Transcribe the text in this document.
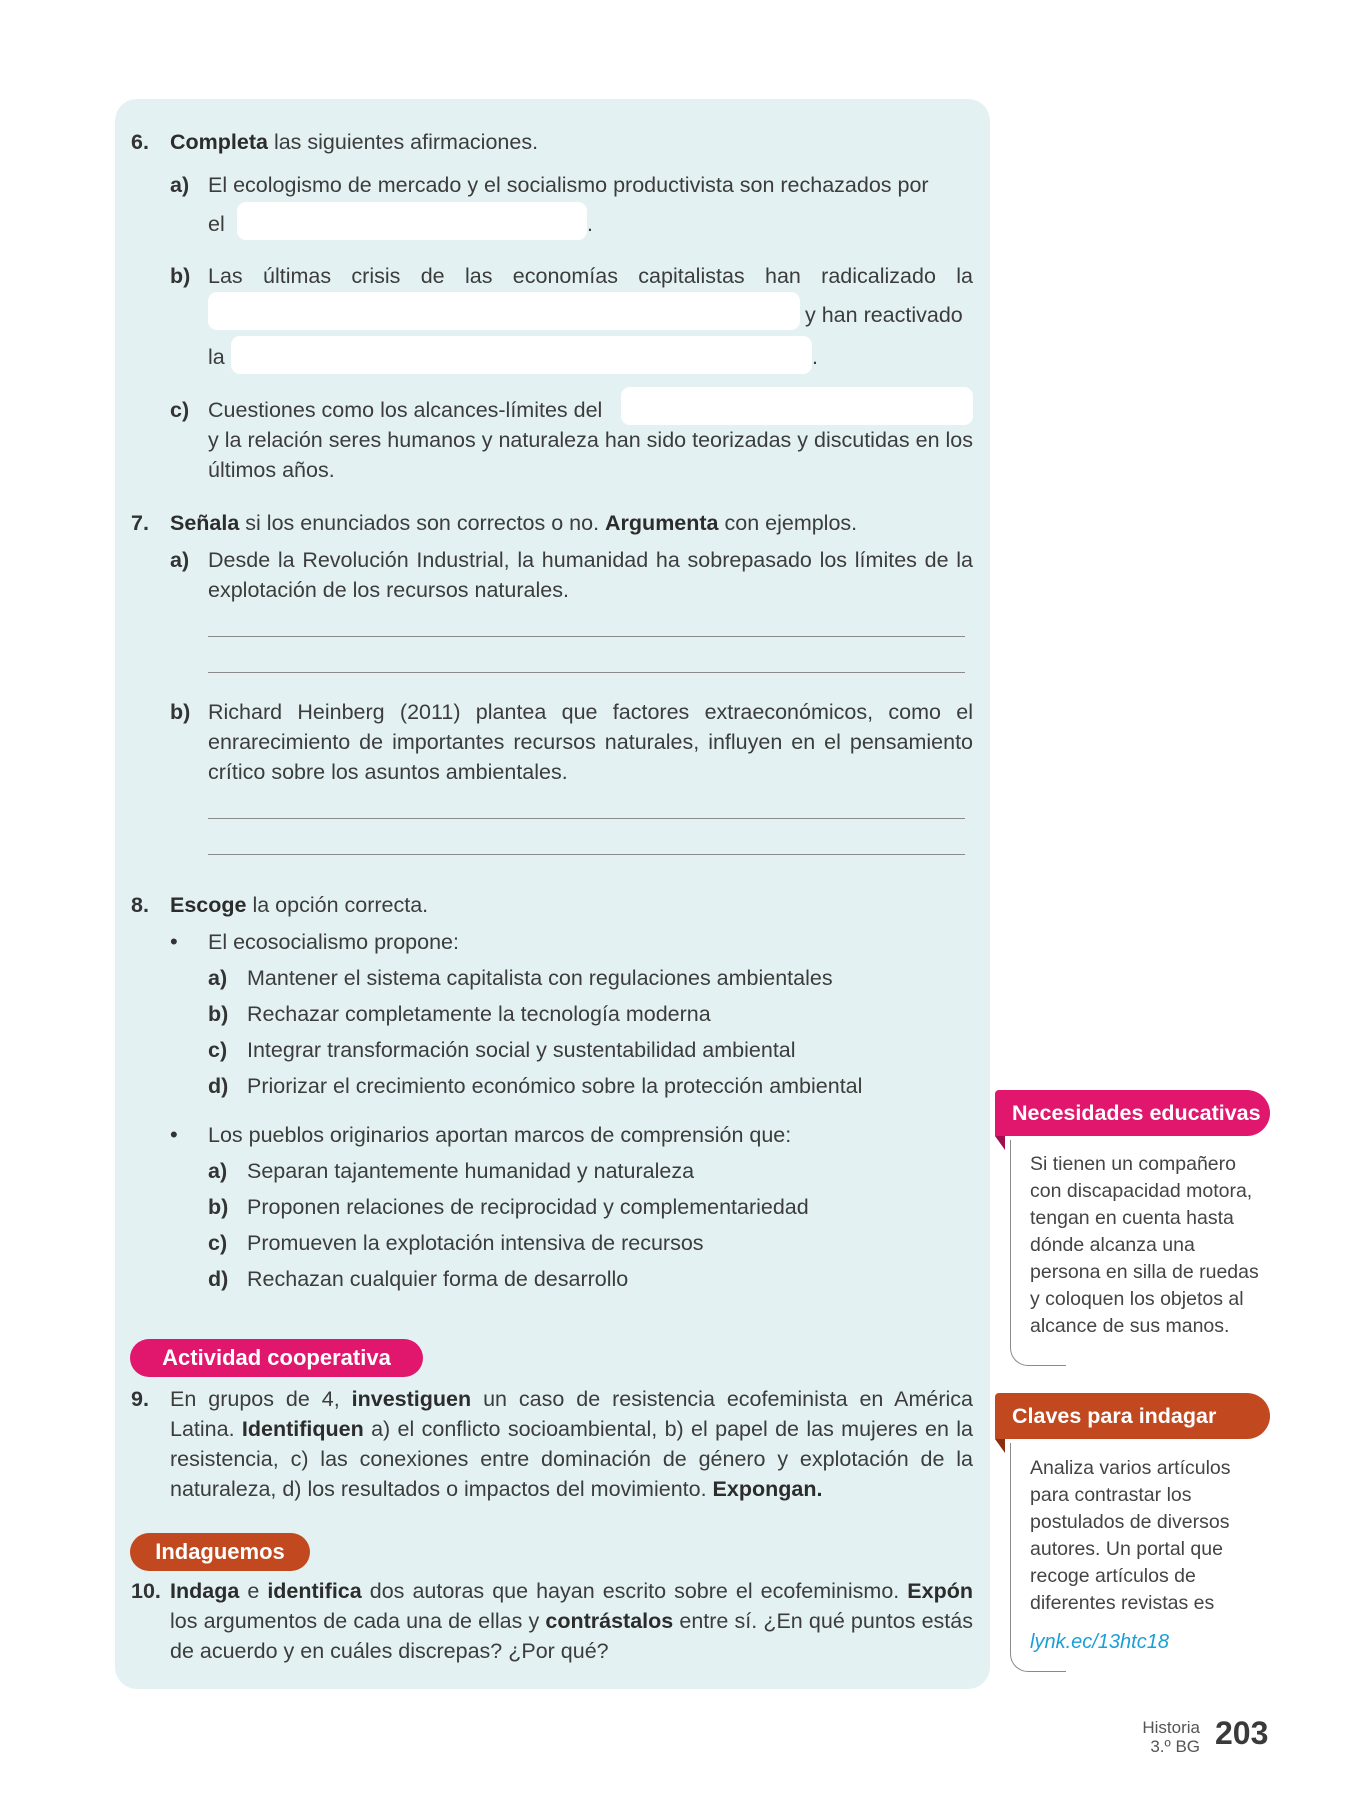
6. Completa las siguientes afirmaciones.
a) El ecologismo de mercado y el socialismo productivista son rechazados por
el	.
b) Las últimas crisis de las economías capitalistas han radicalizado la
y han reactivado
la	.
c) Cuestiones como los alcances-límites del
y la relación seres humanos y naturaleza han sido teorizadas y discutidas en los últimos años.
7. Señala si los enunciados son correctos o no. Argumenta con ejemplos.
a) Desde la Revolución Industrial, la humanidad ha sobrepasado los límites de la explotación de los recursos naturales.
b) Richard Heinberg (2011) plantea que factores extraeconómicos, como el enrarecimiento de importantes recursos naturales, influyen en el pensamiento crítico sobre los asuntos ambientales.
8. Escoge la opción correcta.
• El ecosocialismo propone:
a) Mantener el sistema capitalista con regulaciones ambientales
b) Rechazar completamente la tecnología moderna
c) Integrar transformación social y sustentabilidad ambiental
d) Priorizar el crecimiento económico sobre la protección ambiental
• Los pueblos originarios aportan marcos de comprensión que:
a) Separan tajantemente humanidad y naturaleza
b) Proponen relaciones de reciprocidad y complementariedad
c) Promueven la explotación intensiva de recursos
d) Rechazan cualquier forma de desarrollo
Actividad cooperativa
9. En grupos de 4, investiguen un caso de resistencia ecofeminista en América Latina. Identifiquen a) el conflicto socioambiental, b) el papel de las mujeres en la resistencia, c) las conexiones entre dominación de género y explotación de la naturaleza, d) los resultados o impactos del movimiento. Expongan.
Indaguemos
10. Indaga e identifica dos autoras que hayan escrito sobre el ecofeminismo. Expón los argumentos de cada una de ellas y contrástalos entre sí. ¿En qué puntos estás de acuerdo y en cuáles discrepas? ¿Por qué?
Necesidades educativas
Si tienen un compañero con discapacidad motora, tengan en cuenta hasta dónde alcanza una persona en silla de ruedas y coloquen los objetos al alcance de sus manos.
Claves para indagar
Analiza varios artículos para contrastar los postulados de diversos autores. Un portal que recoge artículos de diferentes revistas es
lynk.ec/13htc18
Historia
3.º BG 203
